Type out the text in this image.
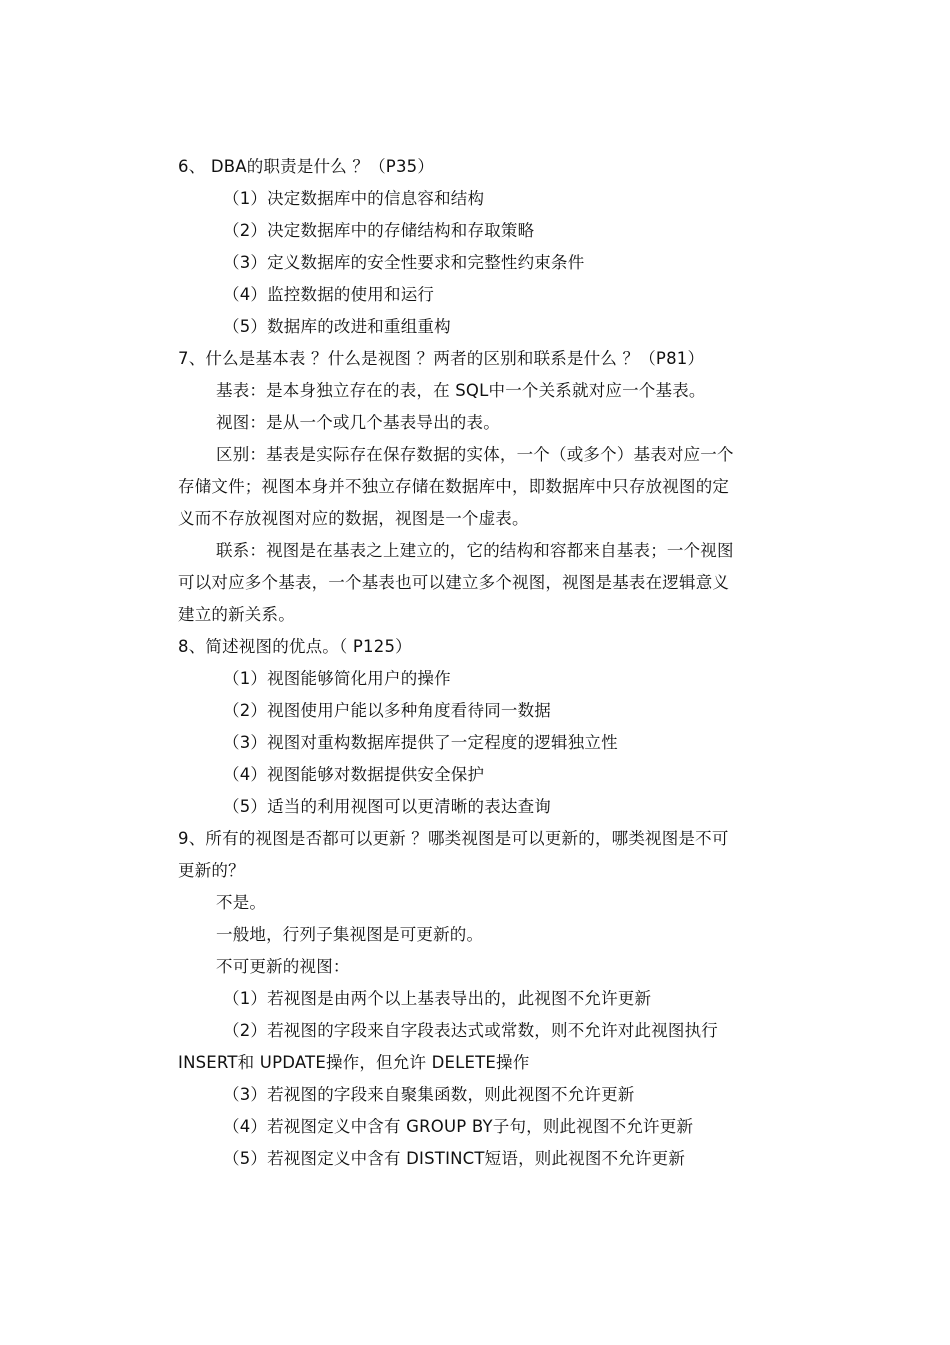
6、 DBA的职责是什么 ？（P35）
（1）决定数据库中的信息容和结构
（2）决定数据库中的存储结构和存取策略
（3）定义数据库的安全性要求和完整性约束条件
（4）监控数据的使用和运行
（5）数据库的改进和重组重构
7、什么是基本表 ？什么是视图 ？两者的区别和联系是什么 ？（P81）
基表：是本身独立存在的表，在 SQL中一个关系就对应一个基表。
视图：是从一个或几个基表导出的表。
区别：基表是实际存在保存数据的实体，一个（或多个）基表对应一个
存储文件；视图本身并不独立存储在数据库中，即数据库中只存放视图的定
义而不存放视图对应的数据，视图是一个虚表。
联系：视图是在基表之上建立的，它的结构和容都来自基表；一个视图
可以对应多个基表，一个基表也可以建立多个视图，视图是基表在逻辑意义
建立的新关系。
8、简述视图的优点。（ P125）
（1）视图能够简化用户的操作
（2）视图使用户能以多种角度看待同一数据
（3）视图对重构数据库提供了一定程度的逻辑独立性
（4）视图能够对数据提供安全保护
（5）适当的利用视图可以更清晰的表达查询
9、所有的视图是否都可以更新 ？哪类视图是可以更新的，哪类视图是不可
更新的？
不是。
一般地，行列子集视图是可更新的。
不可更新的视图：
（1）若视图是由两个以上基表导出的，此视图不允许更新
（2）若视图的字段来自字段表达式或常数，则不允许对此视图执行
INSERT和 UPDATE操作，但允许 DELETE操作
（3）若视图的字段来自聚集函数，则此视图不允许更新
（4）若视图定义中含有 GROUP BY子句，则此视图不允许更新
（5）若视图定义中含有 DISTINCT短语，则此视图不允许更新
